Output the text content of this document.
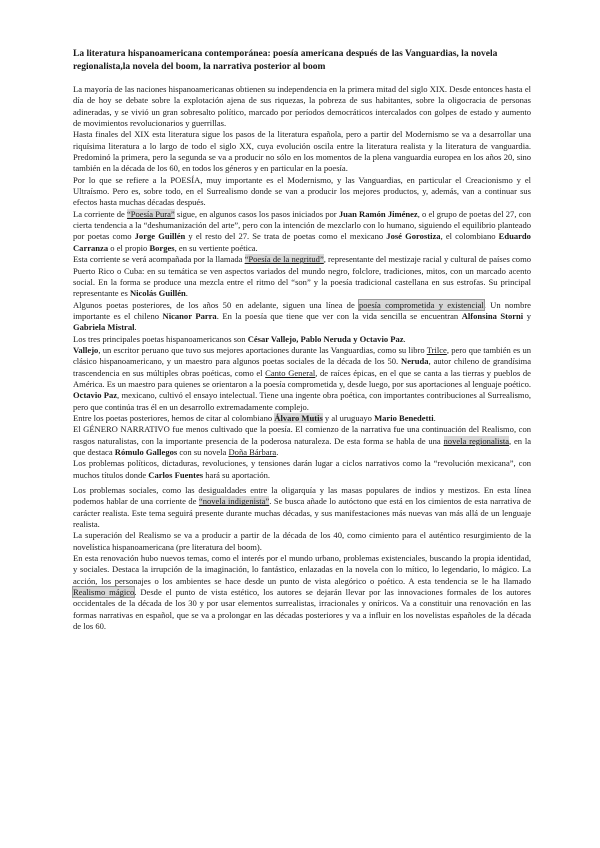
La literatura hispanoamericana contemporánea: poesía americana después de las Vanguardias, la novela regionalista,la novela del boom, la narrativa posterior al boom

La mayoría de las naciones hispanoamericanas obtienen su independencia en la primera mitad del siglo XIX. Desde entonces hasta el día de hoy se debate sobre la explotación ajena de sus riquezas, la pobreza de sus habitantes, sobre la oligocracia de personas adineradas, y se vivió un gran sobresalto político, marcado por períodos democráticos intercalados con golpes de estado y aumento de movimientos revolucionarios y guerrillas.

Hasta finales del XIX esta literatura sigue los pasos de la literatura española, pero a partir del Modernismo se va a desarrollar una riquísima literatura a lo largo de todo el siglo XX, cuya evolución oscila entre la literatura realista y la literatura de vanguardia. Predominó la primera, pero la segunda se va a producir no sólo en los momentos de la plena vanguardia europea en los años 20, sino también en la década de los 60, en todos los géneros y en particular en la poesía.

Por lo que se refiere a la POESÍA, muy importante es el Modernismo, y las Vanguardias, en particular el Creacionismo y el Ultraísmo. Pero es, sobre todo, en el Surrealismo donde se van a producir los mejores productos, y, además, van a continuar sus efectos hasta muchas décadas después.

La corriente de “Poesía Pura” sigue, en algunos casos los pasos iniciados por Juan Ramón Jiménez, o el grupo de poetas del 27, con cierta tendencia a la “deshumanización del arte”, pero con la intención de mezclarlo con lo humano, siguiendo el equilibrio planteado por poetas como Jorge Guillén y el resto del 27. Se trata de poetas como el mexicano José Gorostiza, el colombiano Eduardo Carranza o el propio Borges, en su vertiente poética.

Esta corriente se verá acompañada por la llamada “Poesía de la negritud”, representante del mestizaje racial y cultural de países como Puerto Rico o Cuba: en su temática se ven aspectos variados del mundo negro, folclore, tradiciones, mitos, con un marcado acento social. En la forma se produce una mezcla entre el ritmo del “son” y la poesía tradicional castellana en sus estrofas. Su principal representante es Nicolás Guillén.

Algunos poetas posteriores, de los años 50 en adelante, siguen una línea de poesía comprometida y existencial. Un nombre importante es el chileno Nicanor Parra. En la poesía que tiene que ver con la vida sencilla se encuentran Alfonsina Storni y Gabriela Mistral.

Los tres principales poetas hispanoamericanos son César Vallejo, Pablo Neruda y Octavio Paz.

Vallejo, un escritor peruano que tuvo sus mejores aportaciones durante las Vanguardias, como su libro Trilce, pero que también es un clásico hispanoamericano, y un maestro para algunos poetas sociales de la década de los 50. Neruda, autor chileno de grandísima trascendencia en sus múltiples obras poéticas, como el Canto General, de raíces épicas, en el que se canta a las tierras y pueblos de América. Es un maestro para quienes se orientaron a la poesía comprometida y, desde luego, por sus aportaciones al lenguaje poético. Octavio Paz, mexicano, cultivó el ensayo intelectual. Tiene una ingente obra poética, con importantes contribuciones al Surrealismo, pero que continúa tras él en un desarrollo extremadamente complejo.

Entre los poetas posteriores, hemos de citar al colombiano Álvaro Mutis y al uruguayo Mario Benedetti.

El GÉNERO NARRATIVO fue menos cultivado que la poesía. El comienzo de la narrativa fue una continuación del Realismo, con rasgos naturalistas, con la importante presencia de la poderosa naturaleza. De esta forma se habla de una novela regionalista, en la que destaca Rómulo Gallegos con su novela Doña Bárbara.

Los problemas políticos, dictaduras, revoluciones, y tensiones darán lugar a ciclos narrativos como la “revolución mexicana”, con muchos títulos donde Carlos Fuentes hará su aportación.

Los problemas sociales, como las desigualdades entre la oligarquía y las masas populares de indios y mestizos. En esta línea podemos hablar de una corriente de “novela indigenista”. Se busca añade lo autóctono que está en los cimientos de esta narrativa de carácter realista. Este tema seguirá presente durante muchas décadas, y sus manifestaciones más nuevas van más allá de un lenguaje realista.

La superación del Realismo se va a producir a partir de la década de los 40, como cimiento para el auténtico resurgimiento de la novelística hispanoamericana (pre literatura del boom).

En esta renovación hubo nuevos temas, como el interés por el mundo urbano, problemas existenciales, buscando la propia identidad, y sociales. Destaca la irrupción de la imaginación, lo fantástico, enlazadas en la novela con lo mítico, lo legendario, lo mágico. La acción, los personajes o los ambientes se hace desde un punto de vista alegórico o poético. A esta tendencia se le ha llamado Realismo mágico. Desde el punto de vista estético, los autores se dejarán llevar por las innovaciones formales de los autores occidentales de la década de los 30 y por usar elementos surrealistas, irracionales y oníricos. Va a constituir una renovación en las formas narrativas en español, que se va a prolongar en las décadas posteriores y va a influir en los novelistas españoles de la década de los 60.
